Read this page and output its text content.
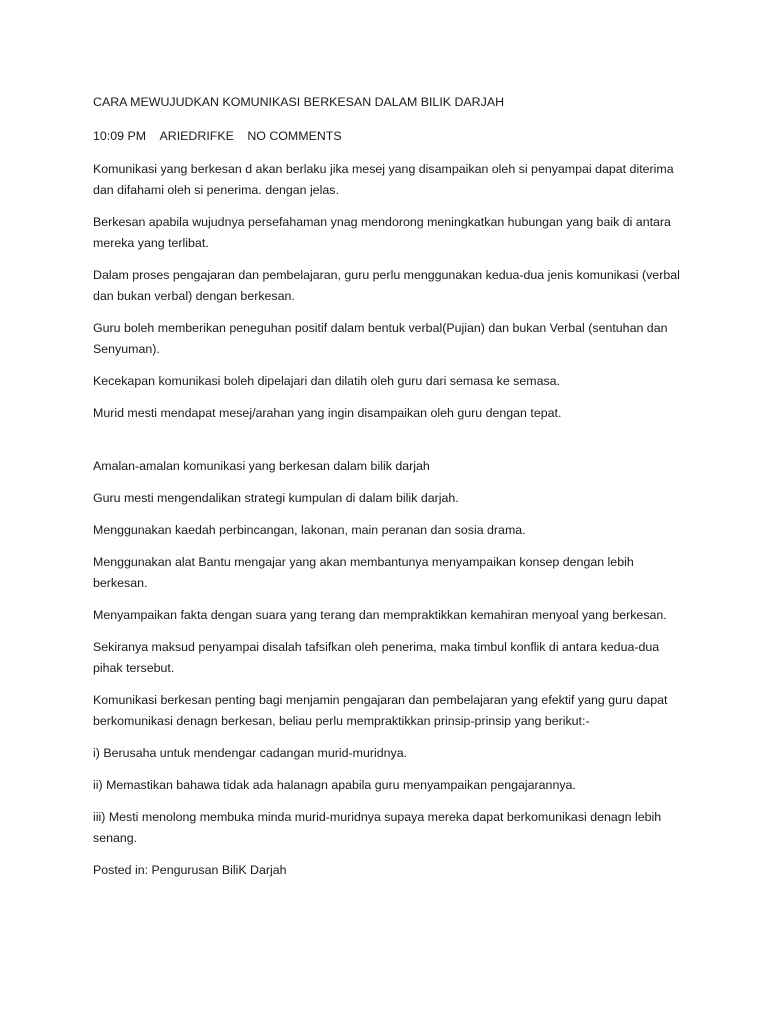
CARA MEWUJUDKAN KOMUNIKASI BERKESAN DALAM BILIK DARJAH

10:09 PM ARIEDRIFKE NO COMMENTS

Komunikasi yang berkesan d akan berlaku jika mesej yang disampaikan oleh si penyampai dapat diterima dan difahami oleh si penerima. dengan jelas.

Berkesan apabila wujudnya persefahaman ynag mendorong meningkatkan hubungan yang baik di antara mereka yang terlibat.

Dalam proses pengajaran dan pembelajaran, guru perlu menggunakan kedua-dua jenis komunikasi (verbal dan bukan verbal) dengan berkesan.

Guru boleh memberikan peneguhan positif dalam bentuk verbal(Pujian) dan bukan Verbal (sentuhan dan Senyuman).

Kecekapan komunikasi boleh dipelajari dan dilatih oleh guru dari semasa ke semasa.

Murid mesti mendapat mesej/arahan yang ingin disampaikan oleh guru dengan tepat.

Amalan-amalan komunikasi yang berkesan dalam bilik darjah

Guru mesti mengendalikan strategi kumpulan di dalam bilik darjah.

Menggunakan kaedah perbincangan, lakonan, main peranan dan sosia drama.

Menggunakan alat Bantu mengajar yang akan membantunya menyampaikan konsep dengan lebih berkesan.

Menyampaikan fakta dengan suara yang terang dan mempraktikkan kemahiran menyoal yang berkesan.

Sekiranya maksud penyampai disalah tafsifkan oleh penerima, maka timbul konflik di antara kedua-dua pihak tersebut.

Komunikasi berkesan penting bagi menjamin pengajaran dan pembelajaran yang efektif yang guru dapat berkomunikasi denagn berkesan, beliau perlu mempraktikkan prinsip-prinsip yang berikut:-

i) Berusaha untuk mendengar cadangan murid-muridnya.

ii) Memastikan bahawa tidak ada halanagn apabila guru menyampaikan pengajarannya.

iii) Mesti menolong membuka minda murid-muridnya supaya mereka dapat berkomunikasi denagn lebih senang.

Posted in: Pengurusan BiliK Darjah
